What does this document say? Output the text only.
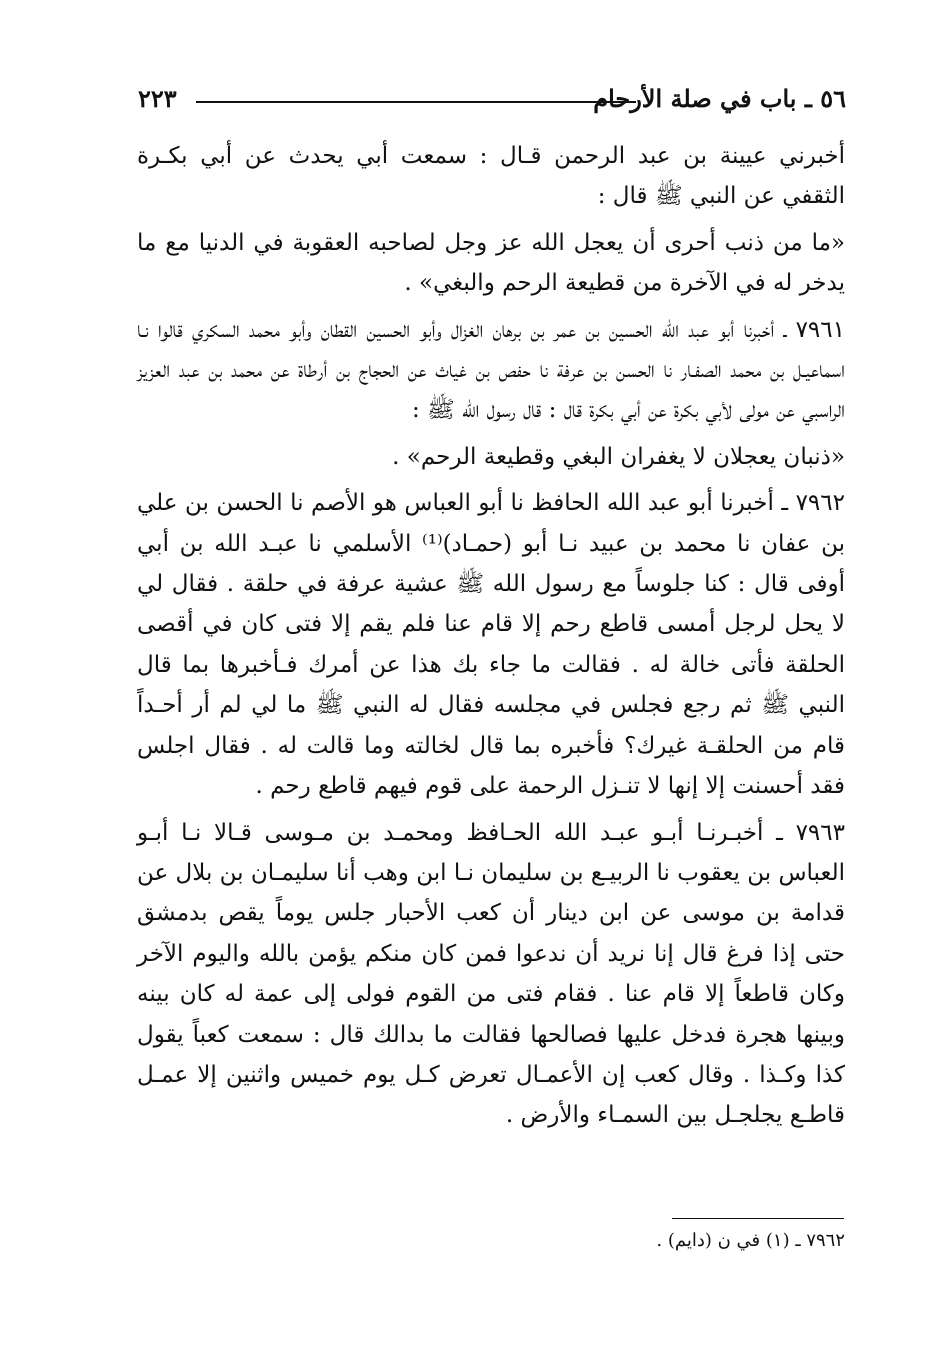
٥٦ ـ باب في صلة الأرحام
٢٢٣

أخبرني عيينة بن عبد الرحمن قـال : سمعت أبي يحدث عن أبي بكـرة الثقفي عن النبي ﷺ قال :

«ما من ذنب أحرى أن يعجل الله عز وجل لصاحبه العقوبة في الدنيا مع ما يدخر له في الآخرة من قطيعة الرحم والبغي» .

٧٩٦١ ـ أخبرنا أبو عبد الله الحسين بن عمر بن برهان الغزال وأبو الحسين القطان وأبو محمد السكري قالوا نـا اسماعيـل بن محمد الصفـار نا الحسن بن عرفة نا حفص بن غياث عن الحجاج بن أرطاة عن محمد بن عبد العزيز الراسبي عن مولى لأبي بكرة عن أبي بكرة قال : قال رسول الله ﷺ :

«ذنبان يعجلان لا يغفران البغي وقطيعة الرحم» .

٧٩٦٢ ـ أخبرنا أبو عبد الله الحافظ نا أبو العباس هو الأصم نا الحسن بن علي بن عفان نا محمد بن عبيد نـا أبو (حمـاد)⁽¹⁾ الأسلمي نا عبـد الله بن أبي أوفى قال : كنا جلوساً مع رسول الله ﷺ عشية عرفة في حلقة . فقال لي لا يحل لرجل أمسى قاطع رحم إلا قام عنا فلم يقم إلا فتى كان في أقصى الحلقة فأتى خالة له . فقالت ما جاء بك هذا عن أمرك فـأخبرها بما قال النبي ﷺ ثم رجع فجلس في مجلسه فقال له النبي ﷺ ما لي لم أر أحـداً قام من الحلقـة غيرك؟ فأخبره بما قال لخالته وما قالت له . فقال اجلس فقد أحسنت إلا إنها لا تنـزل الرحمة على قوم فيهم قاطع رحم .

٧٩٦٣ ـ أخبـرنـا أبـو عبـد الله الحـافظ ومحمـد بن مـوسى قـالا نـا أبـو العباس بن يعقوب نا الربيـع بن سليمان نـا ابن وهب أنا سليمـان بن بلال عن قدامة بن موسى عن ابن دينار أن كعب الأحبار جلس يوماً يقص بدمشق حتى إذا فرغ قال إنا نريد أن ندعوا فمن كان منكم يؤمن بالله واليوم الآخر وكان قاطعاً إلا قام عنا . فقام فتى من القوم فولى إلى عمة له كان بينه وبينها هجرة فدخل عليها فصالحها فقالت ما بدالك قال : سمعت كعباً يقول كذا وكـذا . وقال كعب إن الأعمـال تعرض كـل يوم خميس واثنين إلا عمـل قاطـع يجلجـل بين السمـاء والأرض .

٧٩٦٢ ـ (١) في ن (دايم) .
